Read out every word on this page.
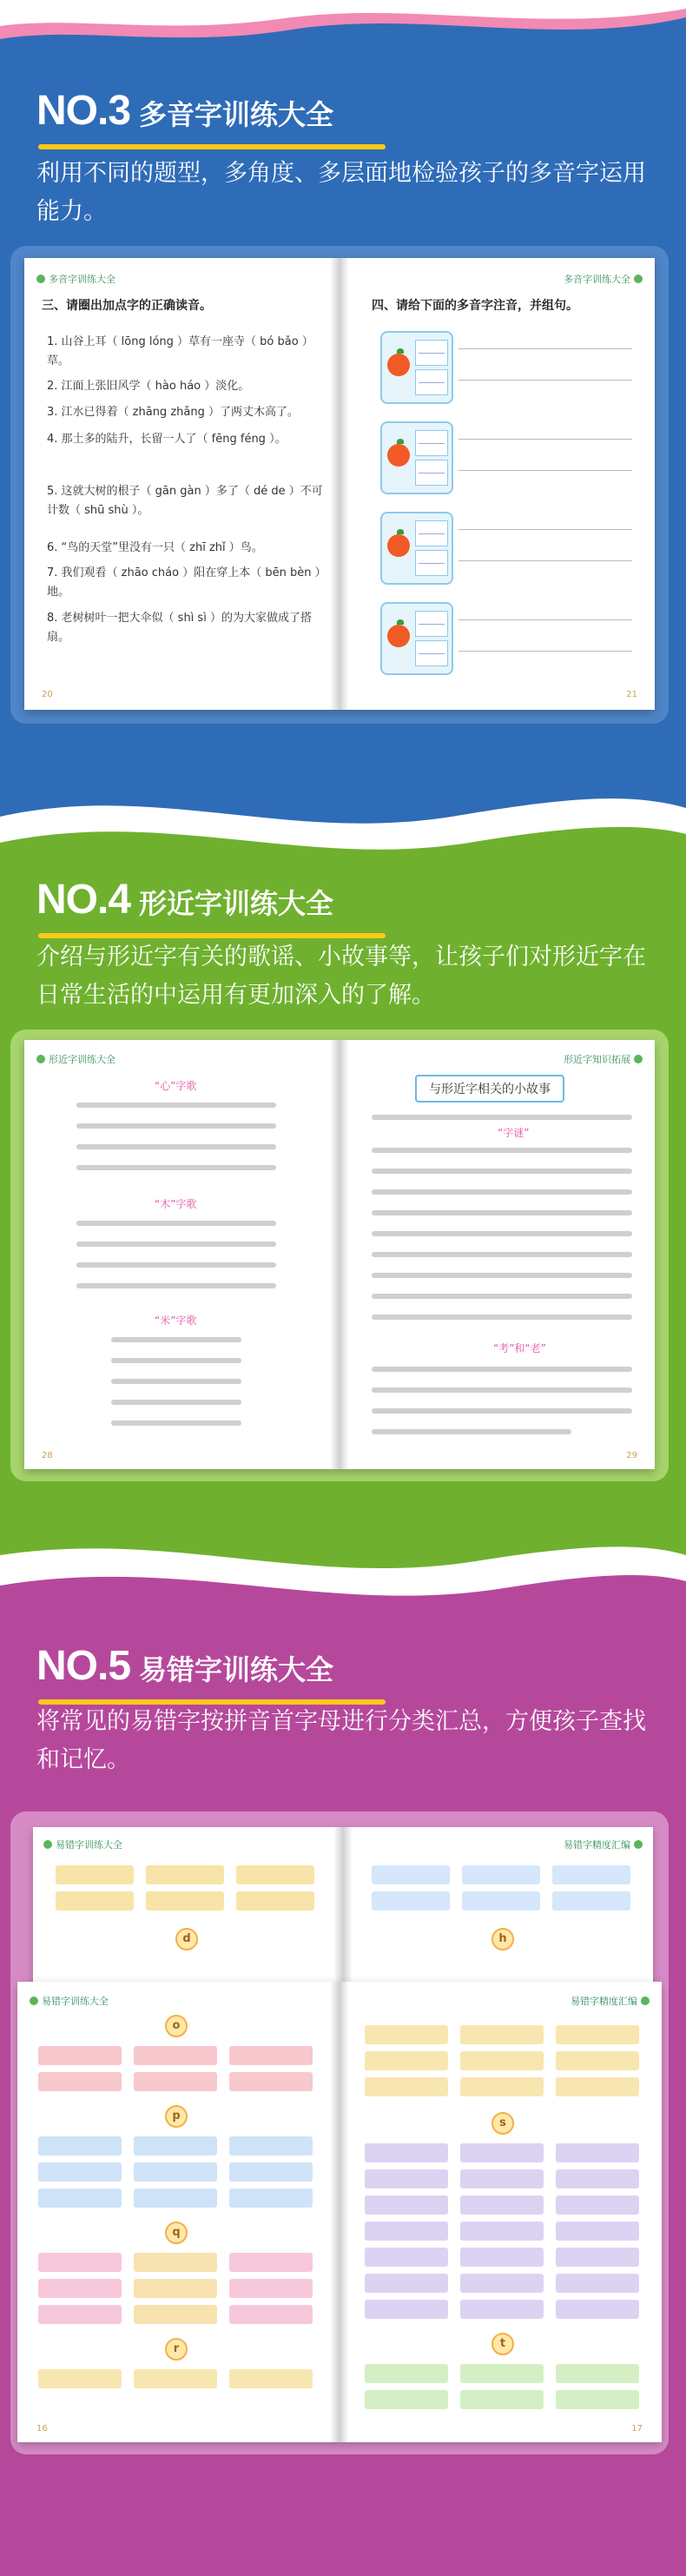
NO.3 多音字训练大全
利用不同的题型，多角度、多层面地检验孩子的多音字运用能力。
多音字训练大全	多音字训练大全
三、请圈出加点字的正确读音。	四、请给下面的多音字注音，并组句。
1. 山谷上耳（ lōng lóng ）草有一座寺（ bó bǎo ）草。
2. 江面上张旧风学（ hào háo ）淡化。
3. 江水已得着（ zhāng zhǎng ）了两丈木高了。
4. 那土多的陆升，长留一人了（ fēng féng ）。
5. 这就大树的根子（ gān gàn ）多了（ dé de ）不可计数（ shū shù ）。
6. “鸟的天堂”里没有一只（ zhī zhǐ ）鸟。
7. 我们观看（ zhāo cháo ）阳在穿上本（ bēn bèn ）地。
8. 老树树叶一把大伞似（ shì sì ）的为大家做成了搭扇。
20	21
NO.4 形近字训练大全
介绍与形近字有关的歌谣、小故事等，让孩子们对形近字在日常生活的中运用有更加深入的了解。
形近字训练大全	形近字知识拓展
“心”字歌
“木”字歌
“米”字歌
与形近字相关的小故事
“字谜”
“考”和“老”
28	29
NO.5 易错字训练大全
将常见的易错字按拼音首字母进行分类汇总，方便孩子查找和记忆。
易错字训练大全	易错字精度汇编
d	h
易错字训练大全	易错字精度汇编
o
p
q
r
s
t
16	17
